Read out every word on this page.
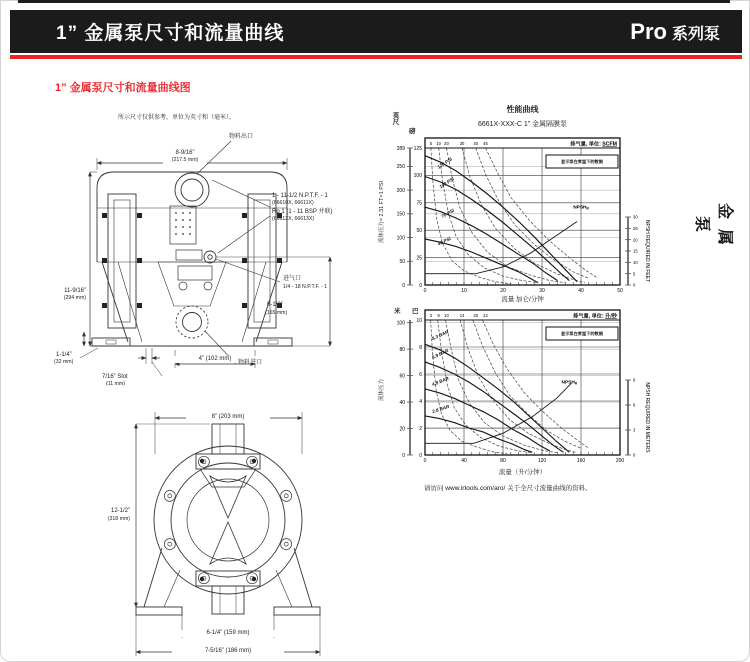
1” 金属泵尺寸和流量曲线	Pro 系列泵
1” 金属泵尺寸和流量曲线图
金属泵
所示尺寸仅供参考，单位为英寸和（毫米）。
物料出口
8-9/16”
(217.5 mm)
1 - 11-1/2 N.P.T.F. - 1
(66610X, 66611X)
Rp 1 (1 - 11 BSP 并联)
(66612X, 66613X)
11-9/16”
(294 mm)
进气口
1/4 - 18 N.P.T.F. - 1
6-1/2”
(165 mm)
1-1/4”
(32 mm)
7/16” Slot
(11 mm)
4” (102 mm)
物料进口
8” (203 mm)
12-1/2”
(318 mm)
6-1/4” (159 mm)
7-5/16” (186 mm)
性能曲线
6661X-XXX-C 1” 金属隔膜泵
120 PSI
100 PSI
70 PSI
40 PSI
$NPSH_R$
5 10 20	30 40 45	排气量, 单位: SCFM
显示泵在常温下的数据
0	10	20	30	40	50
0
25
50
75
100
125
289
250
200
150
100
50
0
30
25
20
15
10
5
0
NPSH REQUIRED IN FEET
8.3 BAR
6.9 BAR
4.8 BAR
2.8 BAR
$NPSH_R$
3 6 10	14 20 22	排气量, 单位: 升/秒
显示泵在常温下的数据
0	40	80	120	160	200
0
2
4
6
8
10
100
80
60
40
20
0
9
6
3
0
NPSH REQUIRED IN METERS
英尺
磅
流体压力≈ 2.31 FT=1 PSI
流量 加仑/分钟
米 巴
流体压力
流量（升/分钟）
请访问 www.irtools.com/aro/ 关于全尺寸流量曲线的资料。
